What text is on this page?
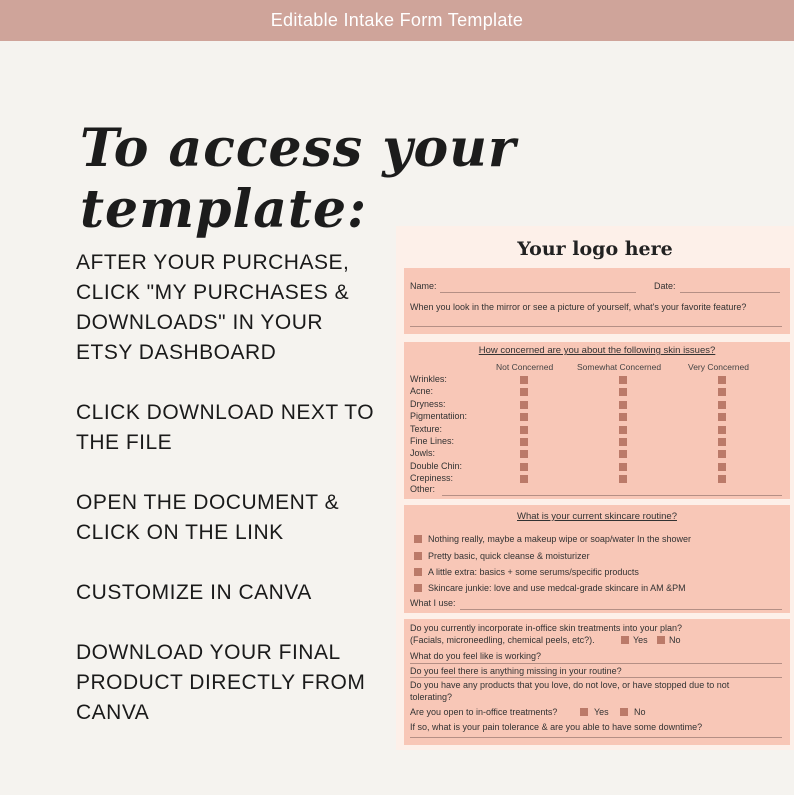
Editable Intake Form Template
To access your template:
AFTER YOUR PURCHASE, CLICK "MY PURCHASES & DOWNLOADS" IN YOUR ETSY DASHBOARD
CLICK DOWNLOAD NEXT TO THE FILE
OPEN THE DOCUMENT & CLICK ON THE LINK
CUSTOMIZE IN CANVA
DOWNLOAD YOUR FINAL PRODUCT DIRECTLY FROM CANVA
Your logo here
Name:	Date:
When you look in the mirror or see a picture of yourself, what's your favorite feature?
How concerned are you about the following skin issues?
Not Concerned	Somewhat Concerned	Very Concerned
Wrinkles:
Acne:
Dryness:
Pigmentatiion:
Texture:
Fine Lines:
Jowls:
Double Chin:
Crepiness:
Other:
What is your current skincare routine?
Nothing really, maybe a makeup wipe or soap/water In the shower
Pretty basic, quick cleanse & moisturizer
A little extra: basics + some serums/specific products
Skincare junkie: love and use medcal-grade skincare in AM &PM
What I use:
Do you currently incorporate in-office skin treatments into your plan?
(Facials, microneedling, chemical peels, etc?).	Yes No
What do you feel like is working?
Do you feel there is anything missing in your routine?
Do you have any products that you love, do not love, or have stopped due to not
tolerating?
Are you open to in-office treatments?	Yes	No
If so, what is your pain tolerance & are you able to have some downtime?
